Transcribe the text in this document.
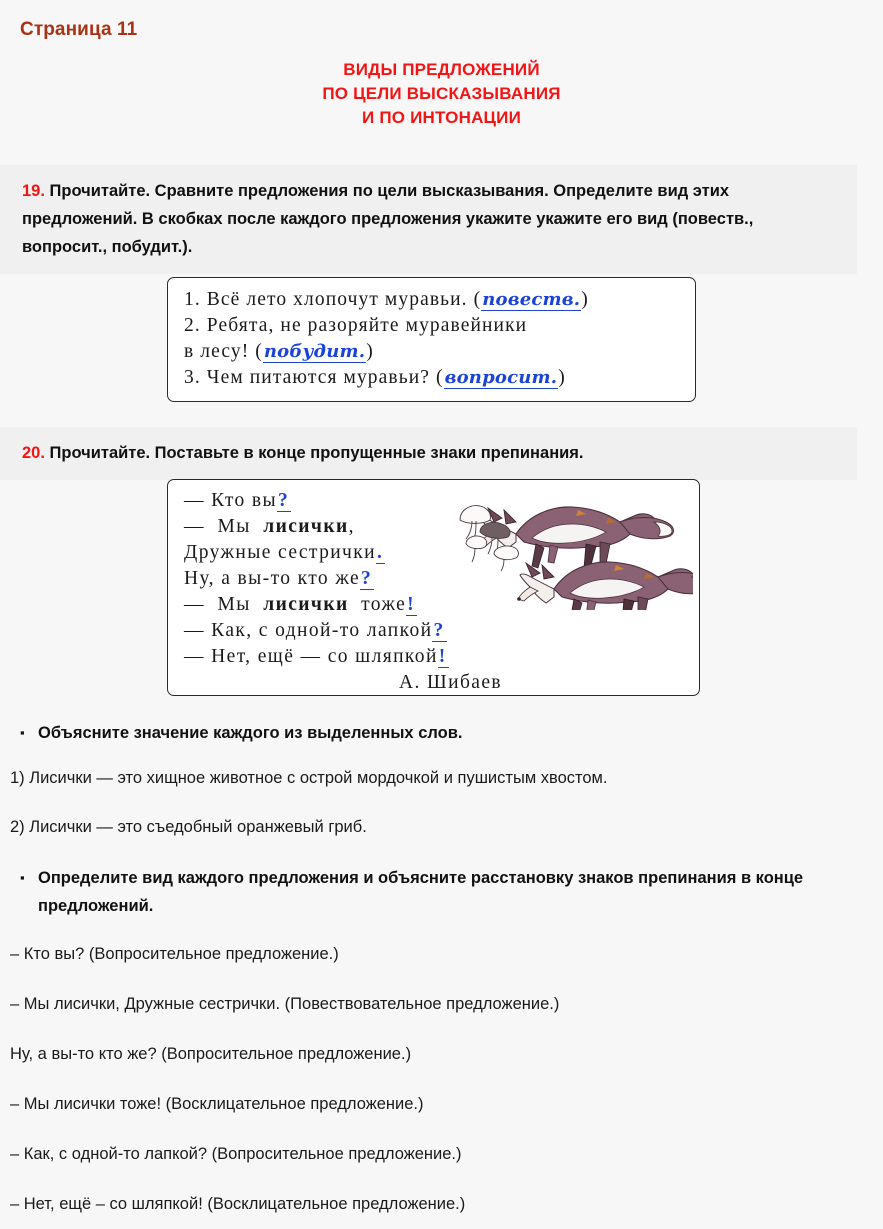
Страница 11
ВИДЫ ПРЕДЛОЖЕНИЙ
ПО ЦЕЛИ ВЫСКАЗЫВАНИЯ
И ПО ИНТОНАЦИИ
19. Прочитайте. Сравните предложения по цели высказывания. Определите вид этих предложений. В скобках после каждого предложения укажите укажите его вид (повеств., вопросит., побудит.).
1. Всё лето хлопочут муравьи. (повеств.)
2. Ребята, не разоряйте муравейники
в лесу! (побудит.)
3. Чем питаются муравьи? (вопросит.)
20. Прочитайте. Поставьте в конце пропущенные знаки препинания.
— Кто вы?
—  Мы  лисички,
Дружные сестрички.
Ну, а вы-то кто же?
—  Мы  лисички  тоже!
— Как, с одной-то лапкой?
— Нет, ещё — со шляпкой!
А. Шибаев
▪ Объясните значение каждого из выделенных слов.
1) Лисички — это хищное животное с острой мордочкой и пушистым хвостом.
2) Лисички — это съедобный оранжевый гриб.
▪ Определите вид каждого предложения и объясните расстановку знаков препинания в конце предложений.
– Кто вы? (Вопросительное предложение.)
– Мы лисички, Дружные сестрички. (Повествовательное предложение.)
Ну, а вы-то кто же? (Вопросительное предложение.)
– Мы лисички тоже! (Восклицательное предложение.)
– Как, с одной-то лапкой? (Вопросительное предложение.)
– Нет, ещё – со шляпкой! (Восклицательное предложение.)
